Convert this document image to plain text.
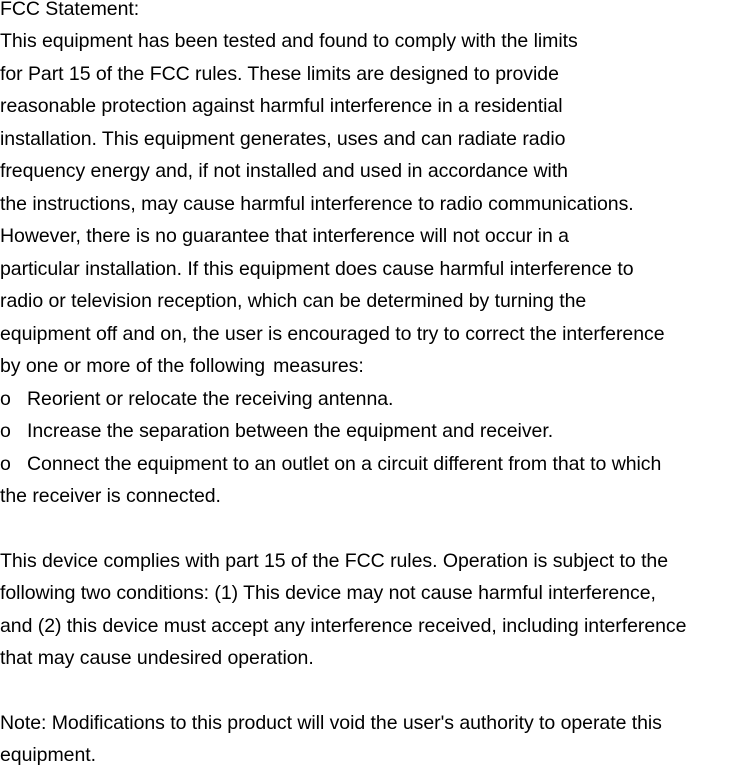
FCC Statement:
This equipment has been tested and found to comply with the limits
for Part 15 of the FCC rules. These limits are designed to provide
reasonable protection against harmful interference in a residential
installation. This equipment generates, uses and can radiate radio
frequency energy and, if not installed and used in accordance with
the instructions, may cause harmful interference to radio communications.
However, there is no guarantee that interference will not occur in a
particular installation. If this equipment does cause harmful interference to
radio or television reception, which can be determined by turning the
equipment off and on, the user is encouraged to try to correct the interference
by one or more of the following measures:
o Reorient or relocate the receiving antenna.
o Increase the separation between the equipment and receiver.
o Connect the equipment to an outlet on a circuit different from that to which
the receiver is connected.
This device complies with part 15 of the FCC rules. Operation is subject to the
following two conditions: (1) This device may not cause harmful interference,
and (2) this device must accept any interference received, including interference
that may cause undesired operation.
Note: Modifications to this product will void the user's authority to operate this
equipment.
